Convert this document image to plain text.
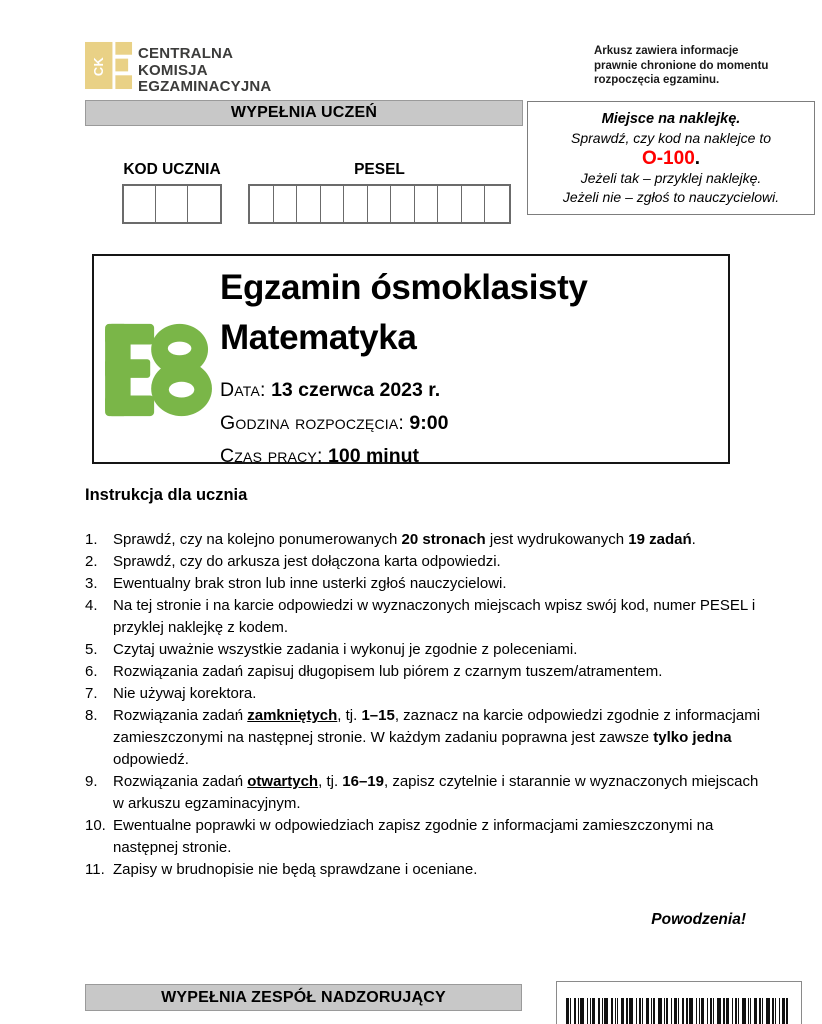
CK
CENTRALNA
KOMISJA
EGZAMINACYJNA
Arkusz zawiera informacje
prawnie chronione do momentu
rozpoczęcia egzaminu.
WYPEŁNIA UCZEŃ	Miejsce na naklejkę.
Sprawdź, czy kod na naklejce to
O-100.
Jeżeli tak – przyklej naklejkę.
Jeżeli nie – zgłoś to nauczycielowi.
KOD UCZNIA	PESEL
Egzamin ósmoklasisty
Matematyka
Data: 13 czerwca 2023 r.
Godzina rozpoczęcia: 9:00
Czas pracy: 100 minut
Instrukcja dla ucznia
1.	Sprawdź, czy na kolejno ponumerowanych 20 stronach jest wydrukowanych 19 zadań.
2.	Sprawdź, czy do arkusza jest dołączona karta odpowiedzi.
3.	Ewentualny brak stron lub inne usterki zgłoś nauczycielowi.
4.	Na tej stronie i na karcie odpowiedzi w wyznaczonych miejscach wpisz swój kod, numer PESEL i przyklej naklejkę z kodem.
5.	Czytaj uważnie wszystkie zadania i wykonuj je zgodnie z poleceniami.
6.	Rozwiązania zadań zapisuj długopisem lub piórem z czarnym tuszem/atramentem.
7.	Nie używaj korektora.
8.	Rozwiązania zadań zamkniętych, tj. 1–15, zaznacz na karcie odpowiedzi zgodnie z informacjami zamieszczonymi na następnej stronie. W każdym zadaniu poprawna jest zawsze tylko jedna odpowiedź.
9.	Rozwiązania zadań otwartych, tj. 16–19, zapisz czytelnie i starannie w wyznaczonych miejscach w arkuszu egzaminacyjnym.
10. Ewentualne poprawki w odpowiedziach zapisz zgodnie z informacjami zamieszczonymi na następnej stronie.
11. Zapisy w brudnopisie nie będą sprawdzane i oceniane.
Powodzenia!
WYPEŁNIA ZESPÓŁ NADZORUJĄCY
